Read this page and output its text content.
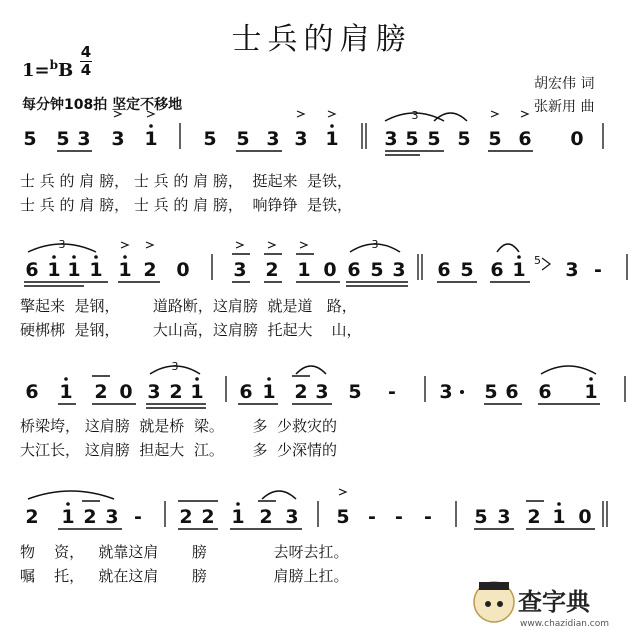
士兵的肩膀
1=$^b$B
4
4
每分钟108拍 坚定不移地
胡宏伟 词
张新用 曲
5 5 3 3 1 5 5 3 3 1 3 5 5 5 5 6 0
3
士 兵 的 肩 膀， 士 兵 的 肩 膀，  挺起来  是铁，
士 兵 的 肩 膀， 士 兵 的 肩 膀，  响铮铮  是铁，
6 1 1 1 1 2 0
3
3 2 1 0 6 5 3
3
6 5 6 1 3 -
5
6 1 2 0 3 2 1
3
6 1 2 3 5 - 3 5 6 6 1
2 1 2 3 - 2 2 1 2 3 5 - - - 5 3 2 1 0
擎起来  是钢，       道路断，这肩膀  就是道   路，
硬梆梆  是钢，       大山高，这肩膀  托起大    山，
桥梁垮， 这肩膀  就是桥  梁。      多  少救灾的
大江长， 这肩膀  担起大  江。      多  少深情的
物    资，   就靠这肩       膀              去呀去扛。
嘱    托，   就在这肩       膀              肩膀上扛。
查字典
www.chazidian.com
